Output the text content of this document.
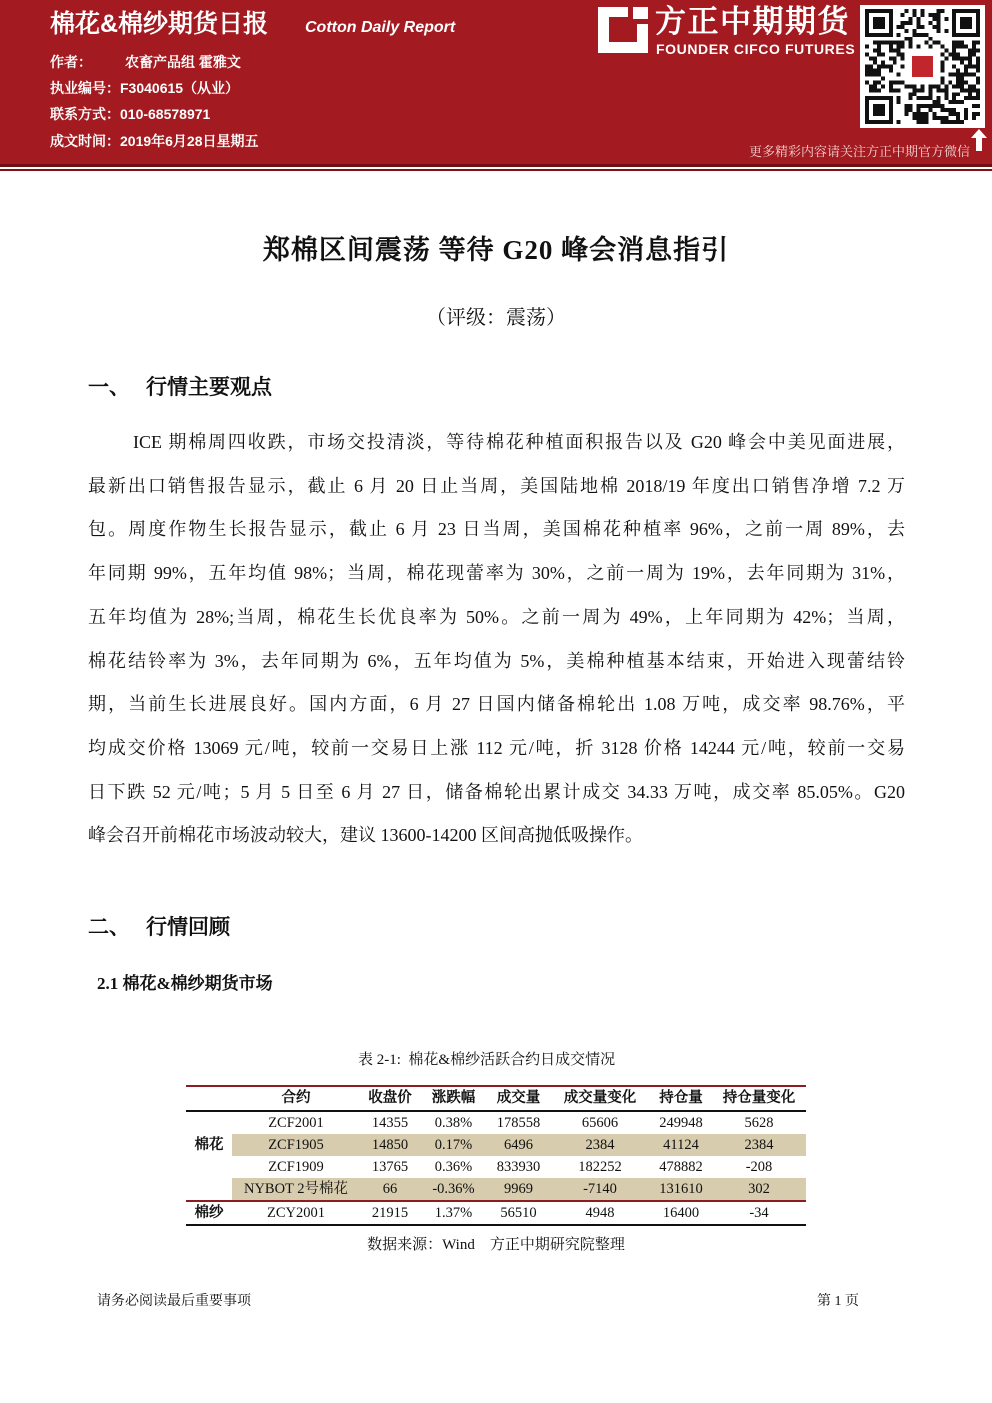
棉花&棉纱期货日报 Cotton Daily Report
作者： 农畜产品组 霍雅文
执业编号：F3040615（从业）
联系方式：010-68578971
成文时间：2019年6月28日星期五
方正中期期货
FOUNDER CIFCO FUTURES
更多精彩内容请关注方正中期官方微信
郑棉区间震荡 等待 G20 峰会消息指引
（评级：震荡）
一、 行情主要观点
ICE 期棉周四收跌，市场交投清淡，等待棉花种植面积报告以及 G20 峰会中美见面进展，
最新出口销售报告显示，截止 6 月 20 日止当周，美国陆地棉 2018/19 年度出口销售净增 7.2 万
包。周度作物生长报告显示，截止 6 月 23 日当周，美国棉花种植率 96%，之前一周 89%，去
年同期 99%，五年均值 98%；当周，棉花现蕾率为 30%，之前一周为 19%，去年同期为 31%，
五年均值为 28%;当周，棉花生长优良率为 50%。之前一周为 49%，上年同期为 42%；当周，
棉花结铃率为 3%，去年同期为 6%，五年均值为 5%，美棉种植基本结束，开始进入现蕾结铃
期，当前生长进展良好。国内方面，6 月 27 日国内储备棉轮出 1.08 万吨，成交率 98.76%，平
均成交价格 13069 元/吨，较前一交易日上涨 112 元/吨，折 3128 价格 14244 元/吨，较前一交易
日下跌 52 元/吨；5 月 5 日至 6 月 27 日，储备棉轮出累计成交 34.33 万吨，成交率 85.05%。G20
峰会召开前棉花市场波动较大，建议 13600-14200 区间高抛低吸操作。
二、 行情回顾
2.1 棉花&棉纱期货市场
表 2-1:  棉花&棉纱活跃合约日成交情况
	合约	收盘价	涨跌幅	成交量	成交量变化	持仓量	持仓量变化
棉花	ZCF2001	14355	0.38%	178558	65606	249948	5628
	ZCF1905	14850	0.17%	6496	2384	41124	2384
	ZCF1909	13765	0.36%	833930	182252	478882	-208
	NYBOT 2号棉花	66	-0.36%	9969	-7140	131610	302
棉纱	ZCY2001	21915	1.37%	56510	4948	16400	-34
数据来源：Wind    方正中期研究院整理
请务必阅读最后重要事项	第 1 页
